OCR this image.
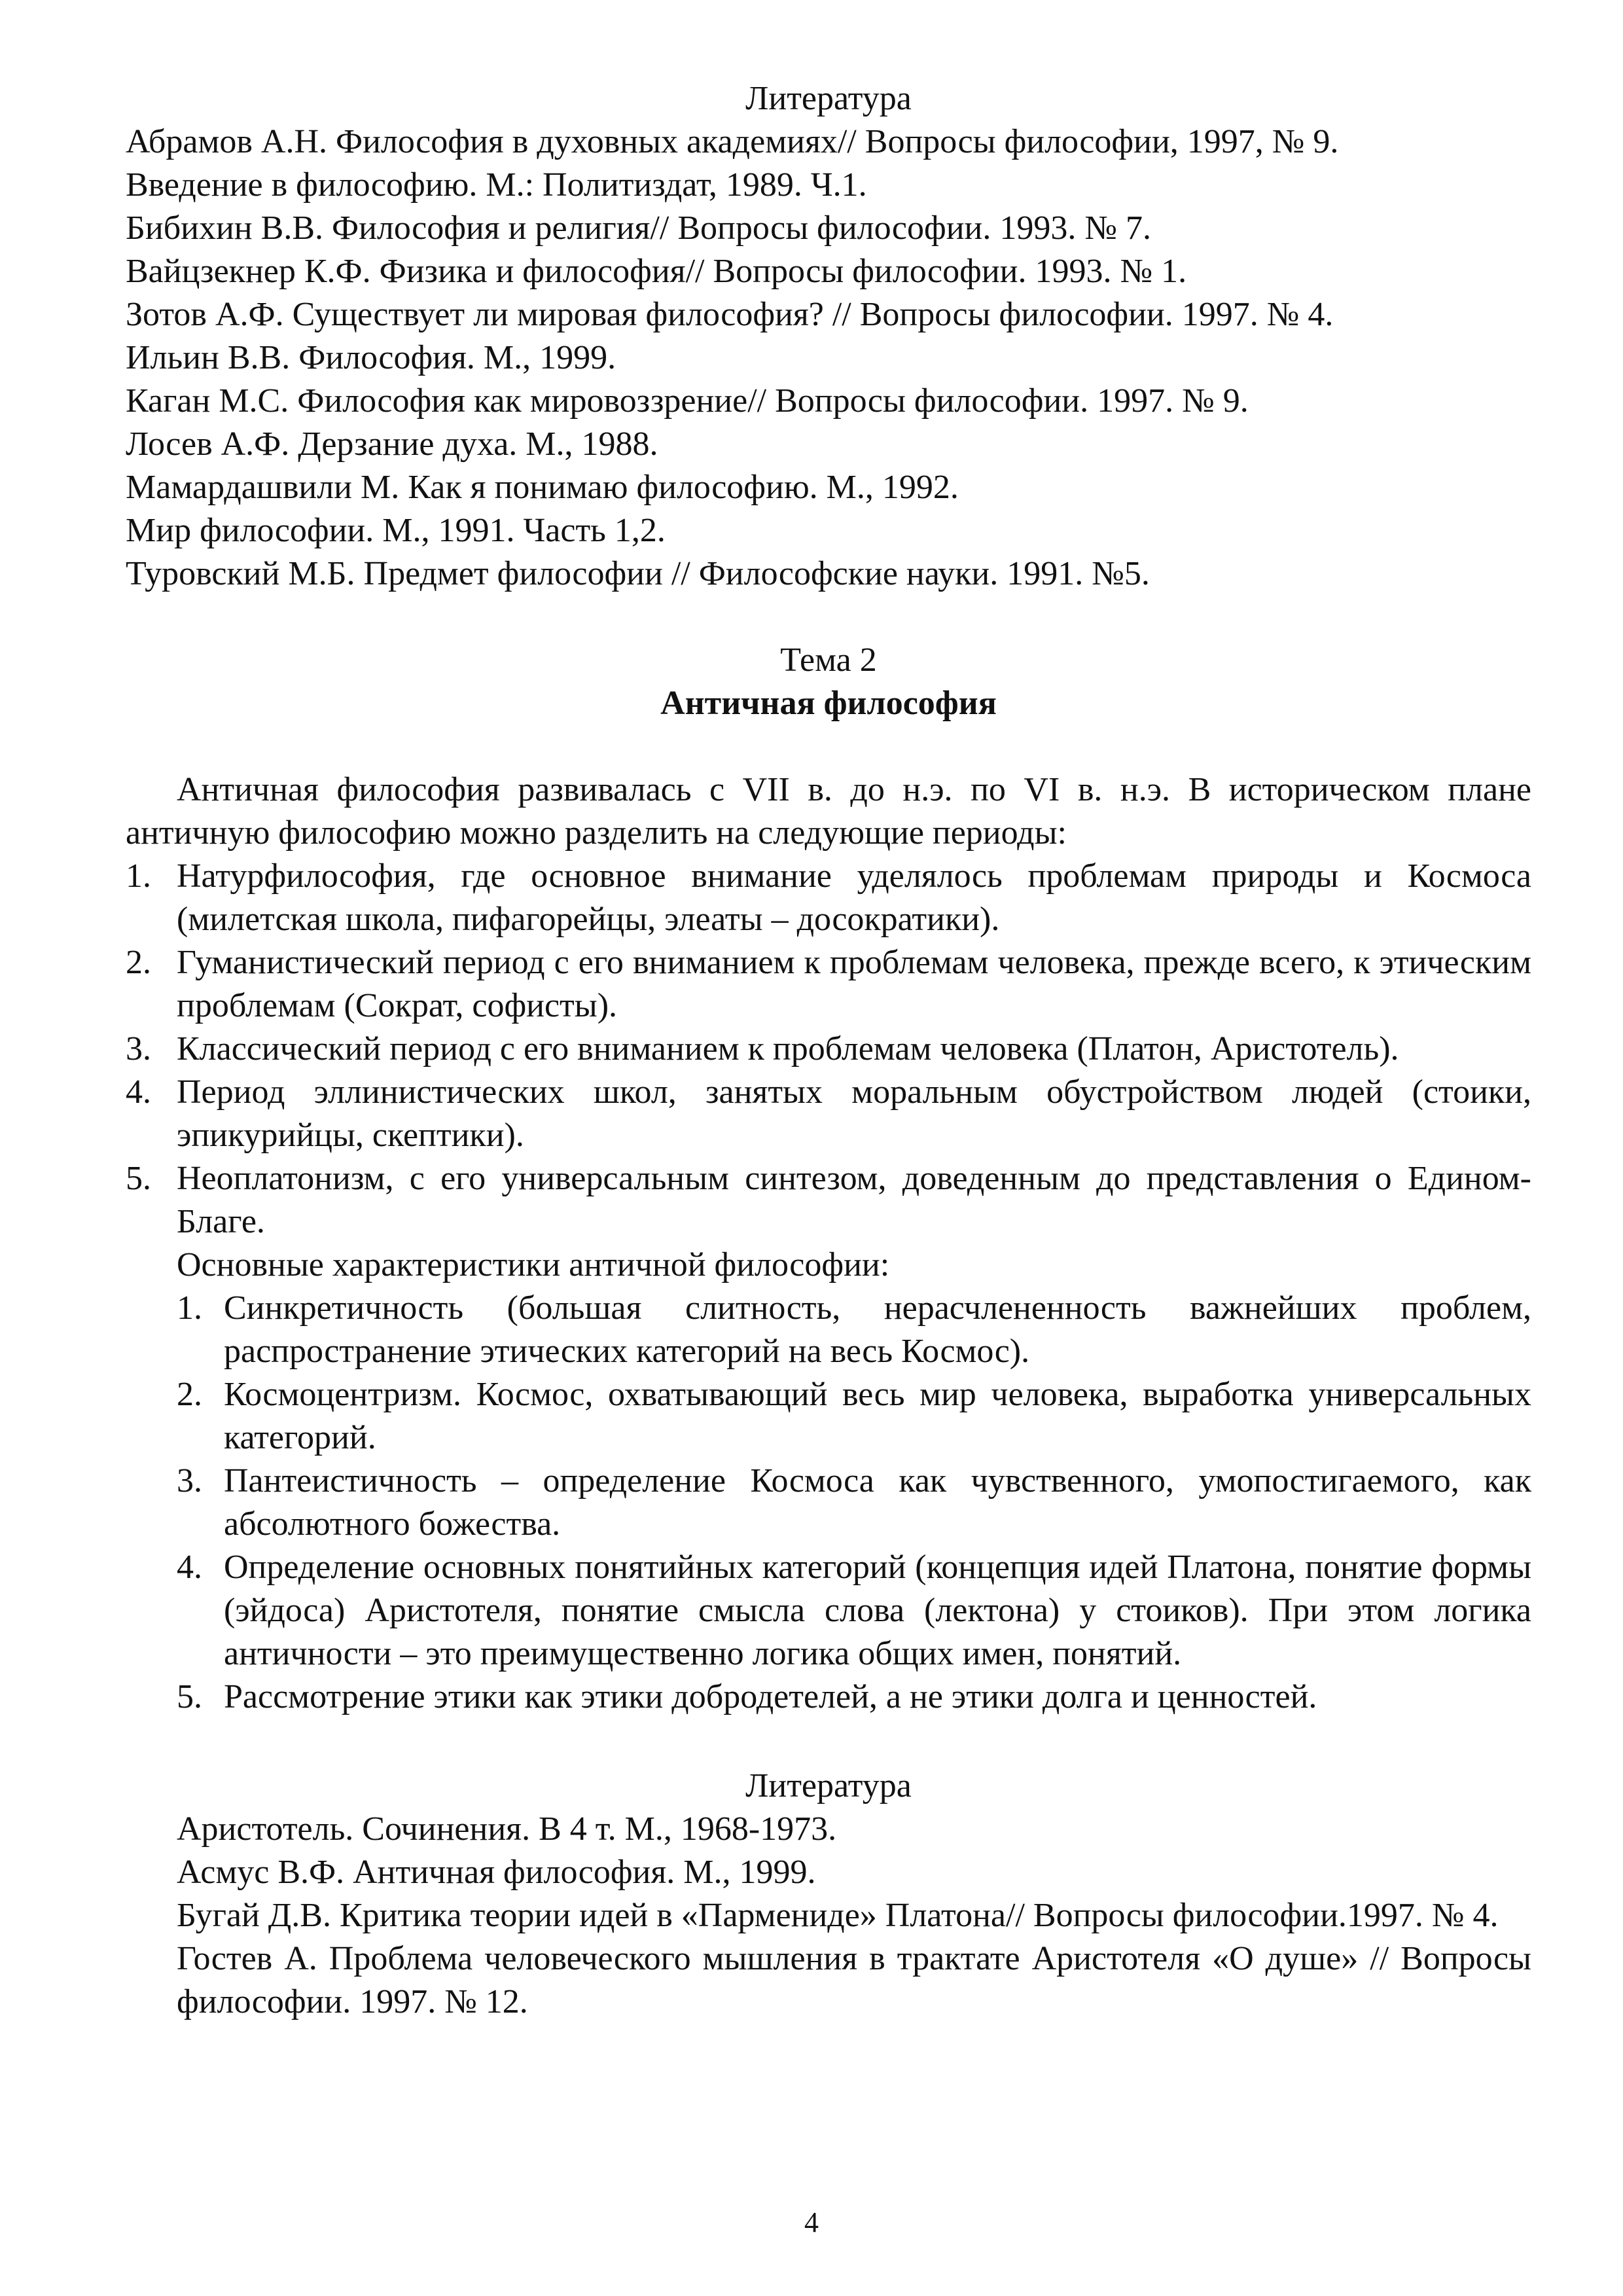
Литература

Абрамов А.Н. Философия в духовных академиях// Вопросы философии, 1997, № 9.
Введение в философию. М.: Политиздат, 1989. Ч.1.
Бибихин В.В. Философия и религия// Вопросы философии. 1993. № 7.
Вайцзекнер К.Ф. Физика и философия// Вопросы философии. 1993. № 1.
Зотов А.Ф. Существует ли мировая философия? // Вопросы философии. 1997. № 4.
Ильин В.В. Философия. М., 1999.
Каган М.С. Философия как мировоззрение// Вопросы философии. 1997. № 9.
Лосев А.Ф. Дерзание духа. М., 1988.
Мамардашвили М. Как я понимаю философию. М., 1992.
Мир философии. М., 1991. Часть 1,2.
Туровский М.Б. Предмет философии // Философские науки. 1991. №5.

Тема 2

Античная философия

Античная философия развивалась с VII в. до н.э. по VI в. н.э. В историческом плане античную философию можно разделить на следующие периоды:

1. Натурфилософия, где основное внимание уделялось проблемам природы и Космоса (милетская школа, пифагорейцы, элеаты – досократики).
2. Гуманистический период с его вниманием к проблемам человека, прежде всего, к этическим проблемам (Сократ, софисты).
3. Классический период с его вниманием к проблемам человека (Платон, Аристотель).
4. Период эллинистических школ, занятых моральным обустройством людей (стоики, эпикурийцы, скептики).
5. Неоплатонизм, с его универсальным синтезом, доведенным до представления о Едином-Благе.

Основные характеристики античной философии:

1. Синкретичность (большая слитность, нерасчлененность важнейших проблем, распространение этических категорий на весь Космос).
2. Космоцентризм. Космос, охватывающий весь мир человека, выработка универсальных категорий.
3. Пантеистичность – определение Космоса как чувственного, умопостигаемого, как абсолютного божества.
4. Определение основных понятийных категорий (концепция идей Платона, понятие формы (эйдоса) Аристотеля, понятие смысла слова (лектона) у стоиков). При этом логика античности – это преимущественно логика общих имен, понятий.
5. Рассмотрение этики как этики добродетелей, а не этики долга и ценностей.

Литература

Аристотель. Сочинения. В 4 т. М., 1968-1973.
Асмус В.Ф. Античная философия. М., 1999.
Бугай Д.В. Критика теории идей в «Пармениде» Платона// Вопросы философии.1997. № 4.
Гостев А. Проблема человеческого мышления в трактате Аристотеля «О душе» // Вопросы философии. 1997. № 12.
4
